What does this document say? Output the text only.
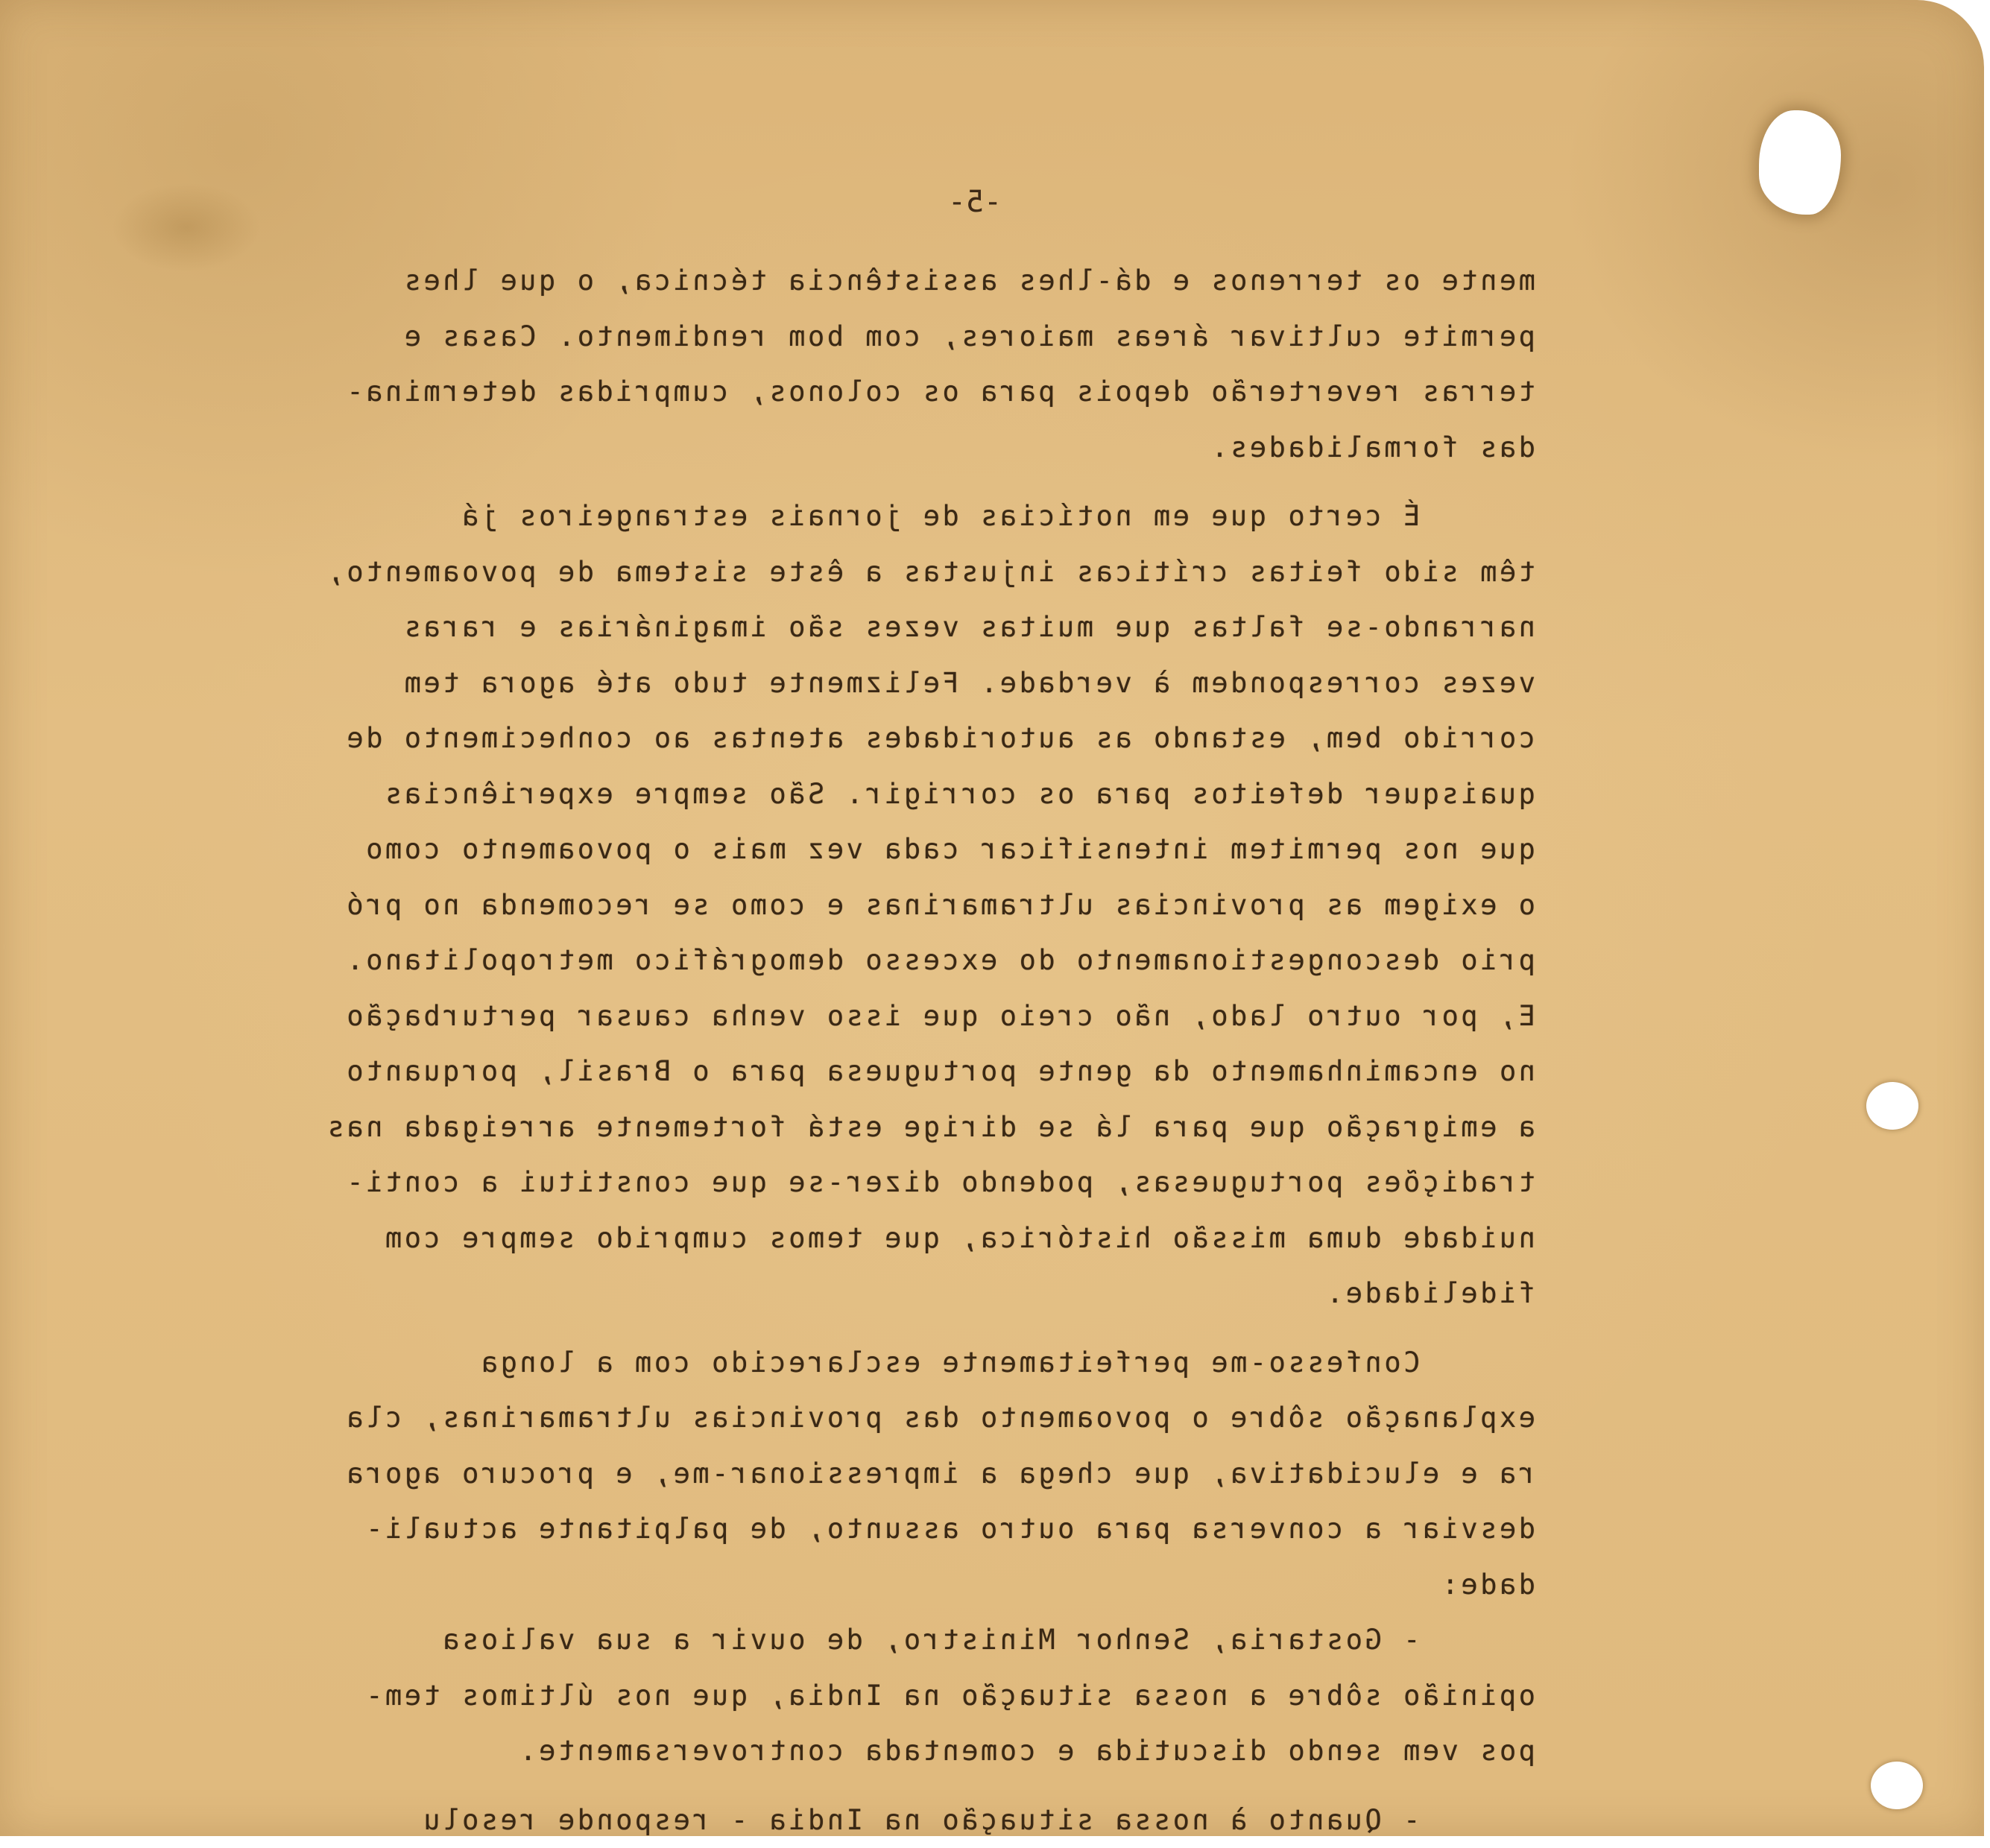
-5-
mente os terrenos e dá-lhes assistência técnica, o que lhes
permite cultivar áreas maiores, com bom rendimento. Casas e
terras reverterão depois para os colonos, cumpridas determina-
das formalidades.
É certo que em notícias de jornais estrangeiros já
têm sido feitas críticas injustas a êste sistema de povoamento,
narrando-se faltas que muitas vezes são imaginárias e raras
vezes correspondem à verdade. Felizmente tudo até agora tem
corrido bem, estando as autoridades atentas ao conhecimento de
quaisquer defeitos para os corrigir. São sempre experiências
que nos permitem intensificar cada vez mais o povoamento como
o exigem as provincias ultramarinas e como se recomenda no pró
prio descongestionamento do excesso demográfico metropolitano.
E, por outro lado, não creio que isso venha causar perturbação
no encaminhamento da gente portuguesa para o Brasil, porquanto
a emigração que para lá se dirige está fortemente arreigada nas
tradições portuguesas, podendo dizer-se que constitui a conti-
nuidade duma missão histórica, que temos cumprido sempre com
fidelidade.
Confesso-me perfeitamente esclarecido com a longa
explanação sôbre o povoamento das provincias ultramarinas, cla
ra e elucidativa, que chega a impressionar-me, e procuro agora
desviar a conversa para outro assunto, de palpitante actuali-
dade:
- Gostaria, Senhor Ministro, de ouvir a sua valiosa
opinião sôbre a nossa situação na India, que nos últimos tem-
pos vem sendo discutida e comentada controversamente.
- Quanto à nossa situação na India - responde resolu
